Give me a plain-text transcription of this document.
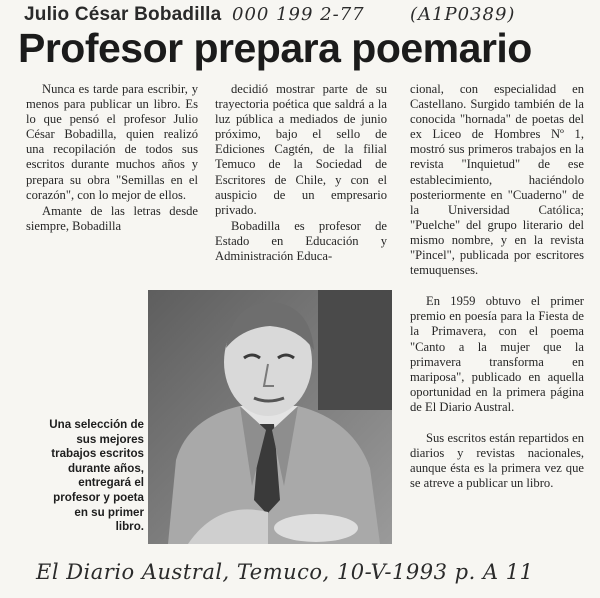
Julio César Bobadilla 000 199 2-77	(A1P0389)
Profesor prepara poemario

Nunca es tarde para escribir, y menos para publicar un libro. Es lo que pensó el profesor Julio César Bobadilla, quien realizó una recopilación de todos sus escritos durante muchos años y prepara su obra "Semillas en el corazón", con lo mejor de ellos.

Amante de las letras desde siempre, Bobadilla

decidió mostrar parte de su trayectoria poética que saldrá a la luz pública a mediados de junio próximo, bajo el sello de Ediciones Cagtén, de la filial Temuco de la Sociedad de Escritores de Chile, y con el auspicio de un empresario privado.

Bobadilla es profesor de Estado en Educación y Administración Educa-

cional, con especialidad en Castellano. Surgido también de la conocida "hornada" de poetas del ex Liceo de Hombres Nº 1, mostró sus primeros trabajos en la revista "Inquietud" de ese establecimiento, haciéndolo posteriormente en "Cuaderno" de la Universidad Católica; "Puelche" del grupo literario del mismo nombre, y en la revista "Pincel", publicada por escritores temuquenses.

En 1959 obtuvo el primer premio en poesía para la Fiesta de la Primavera, con el poema "Canto a la mujer que la primavera transforma en mariposa", publicado en aquella oportunidad en la primera página de El Diario Austral.

Sus escritos están repartidos en diarios y revistas nacionales, aunque ésta es la primera vez que se atreve a publicar un libro.

Una selección de sus mejores trabajos escritos durante años, entregará el profesor y poeta en su primer libro.
El Diario Austral, Temuco, 10-V-1993 p. A 11
